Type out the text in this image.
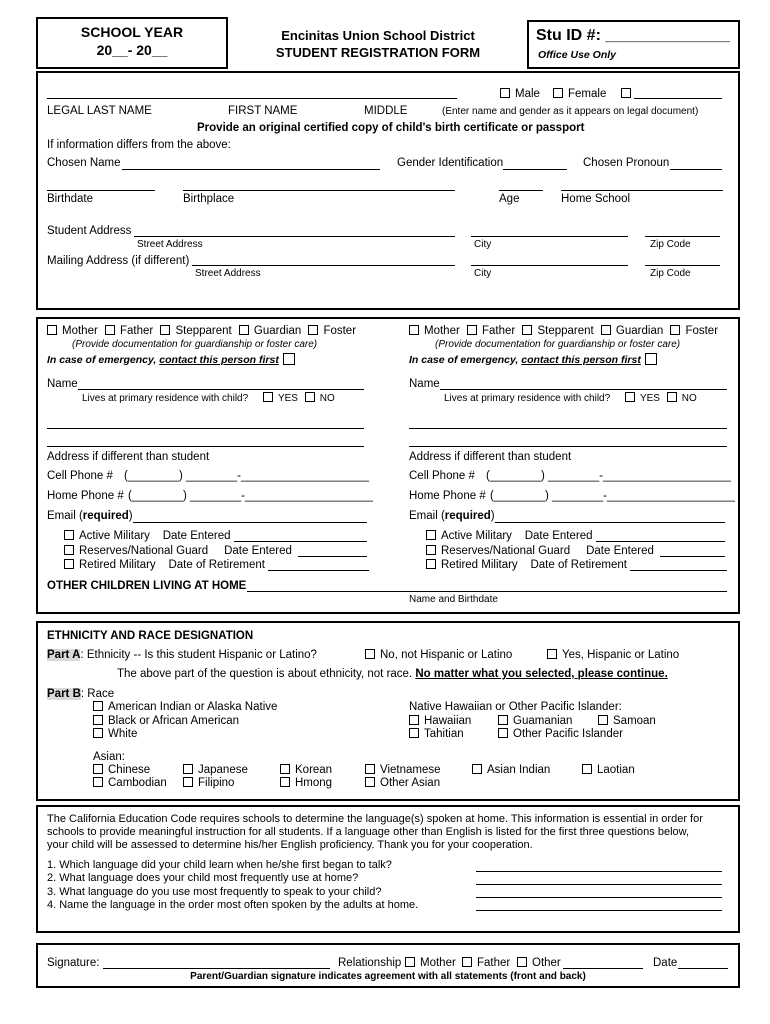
SCHOOL YEAR
20__- 20__
Encinitas Union School District
STUDENT REGISTRATION FORM
Stu ID #: ______________
Office Use Only
Male	Female
LEGAL LAST NAME	FIRST NAME	MIDDLE	(Enter name and gender as it appears on legal document)
Provide an original certified copy of child's birth certificate or passport
If information differs from the above:
Chosen Name	Gender Identification	Chosen Pronoun
Birthdate	Birthplace	Age	Home School
Student Address
Street Address	City	Zip Code
Mailing Address (if different)
Street Address	City	Zip Code
Mother Father Stepparent Guardian Foster
(Provide documentation for guardianship or foster care)
In case of emergency, contact this person first
Name
Lives at primary residence with child?	YES NO
Address if different than student
Cell Phone # (________) ________-____________________
Home Phone # (________) ________-____________________
Email (required)
Active Military Date Entered
Reserves/National Guard Date Entered
Retired Military Date of Retirement
Mother Father Stepparent Guardian Foster
(Provide documentation for guardianship or foster care)
In case of emergency, contact this person first
Name
Lives at primary residence with child?	YES NO
Address if different than student
Cell Phone # (________) ________-____________________
Home Phone # (________) ________-____________________
Email (required)
Active Military Date Entered
Reserves/National Guard Date Entered
Retired Military Date of Retirement
OTHER CHILDREN LIVING AT HOME
Name and Birthdate
ETHNICITY AND RACE DESIGNATION
Part A: Ethnicity -- Is this student Hispanic or Latino?	No, not Hispanic or Latino	Yes, Hispanic or Latino
The above part of the question is about ethnicity, not race. No matter what you selected, please continue.
Part B: Race
American Indian or Alaska Native
Black or African American
White
Native Hawaiian or Other Pacific Islander:
Hawaiian	Guamanian	Samoan
Tahitian	Other Pacific Islander
Asian:
Chinese	Japanese	Korean	Vietnamese	Asian Indian	Laotian
Cambodian	Filipino	Hmong	Other Asian
The California Education Code requires schools to determine the language(s) spoken at home. This information is essential in order for
schools to provide meaningful instruction for all students. If a language other than English is listed for the first three questions below,
your child will be assessed to determine his/her English proficiency. Thank you for your cooperation.
1. Which language did your child learn when he/she first began to talk?
2. What language does your child most frequently use at home?
3. What language do you use most frequently to speak to your child?
4. Name the language in the order most often spoken by the adults at home.
Signature:	Relationship	Mother	Father	Other	Date
Parent/Guardian signature indicates agreement with all statements (front and back)
